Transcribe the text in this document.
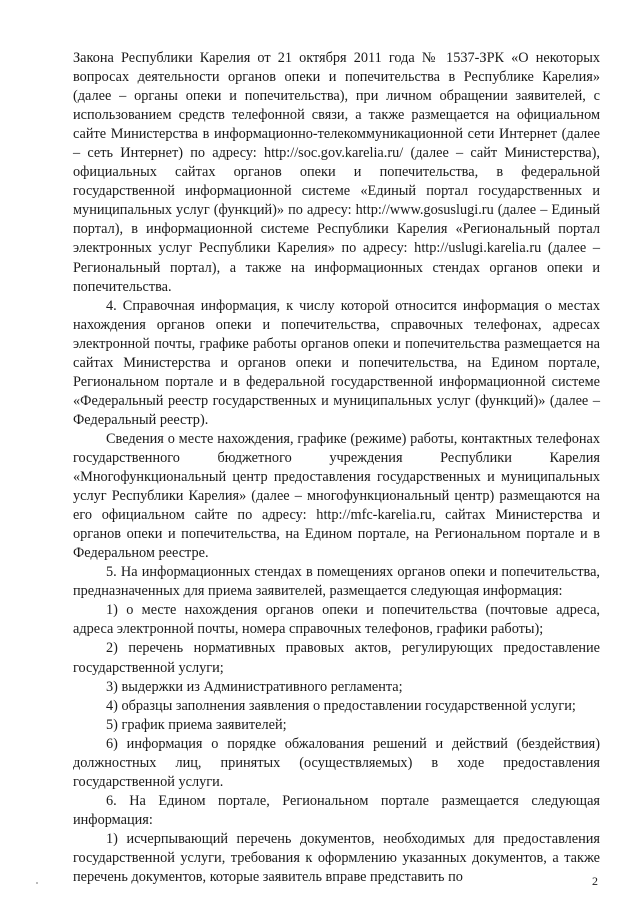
Закона Республики Карелия от 21 октября 2011 года № 1537-ЗРК «О некоторых вопросах деятельности органов опеки и попечительства в Республике Карелия» (далее – органы опеки и попечительства), при личном обращении заявителей, с использованием средств телефонной связи, а также размещается на официальном сайте Министерства в информационно-телекоммуникационной сети Интернет (далее – сеть Интернет) по адресу: http://soc.gov.karelia.ru/ (далее – сайт Министерства), официальных сайтах органов опеки и попечительства, в федеральной государственной информационной системе «Единый портал государственных и муниципальных услуг (функций)» по адресу: http://www.gosuslugi.ru (далее – Единый портал), в информационной системе Республики Карелия «Региональный портал электронных услуг Республики Карелия» по адресу: http://uslugi.karelia.ru (далее – Региональный портал), а также на информационных стендах органов опеки и попечительства.

4. Справочная информация, к числу которой относится информация о местах нахождения органов опеки и попечительства, справочных телефонах, адресах электронной почты, графике работы органов опеки и попечительства размещается на сайтах Министерства и органов опеки и попечительства, на Едином портале, Региональном портале и в федеральной государственной информационной системе «Федеральный реестр государственных и муниципальных услуг (функций)» (далее – Федеральный реестр).

Сведения о месте нахождения, графике (режиме) работы, контактных телефонах государственного бюджетного учреждения Республики Карелия «Многофункциональный центр предоставления государственных и муниципальных услуг Республики Карелия» (далее – многофункциональный центр) размещаются на его официальном сайте по адресу: http://mfc-karelia.ru, сайтах Министерства и органов опеки и попечительства, на Едином портале, на Региональном портале и в Федеральном реестре.

5. На информационных стендах в помещениях органов опеки и попечительства, предназначенных для приема заявителей, размещается следующая информация:

1) о месте нахождения органов опеки и попечительства (почтовые адреса, адреса электронной почты, номера справочных телефонов, графики работы);

2) перечень нормативных правовых актов, регулирующих предоставление государственной услуги;

3) выдержки из Административного регламента;

4) образцы заполнения заявления о предоставлении государственной услуги;

5) график приема заявителей;

6) информация о порядке обжалования решений и действий (бездействия) должностных лиц, принятых (осуществляемых) в ходе предоставления государственной услуги.

6. На Едином портале, Региональном портале размещается следующая информация:

1) исчерпывающий перечень документов, необходимых для предоставления государственной услуги, требования к оформлению указанных документов, а также перечень документов, которые заявитель вправе представить по	2
